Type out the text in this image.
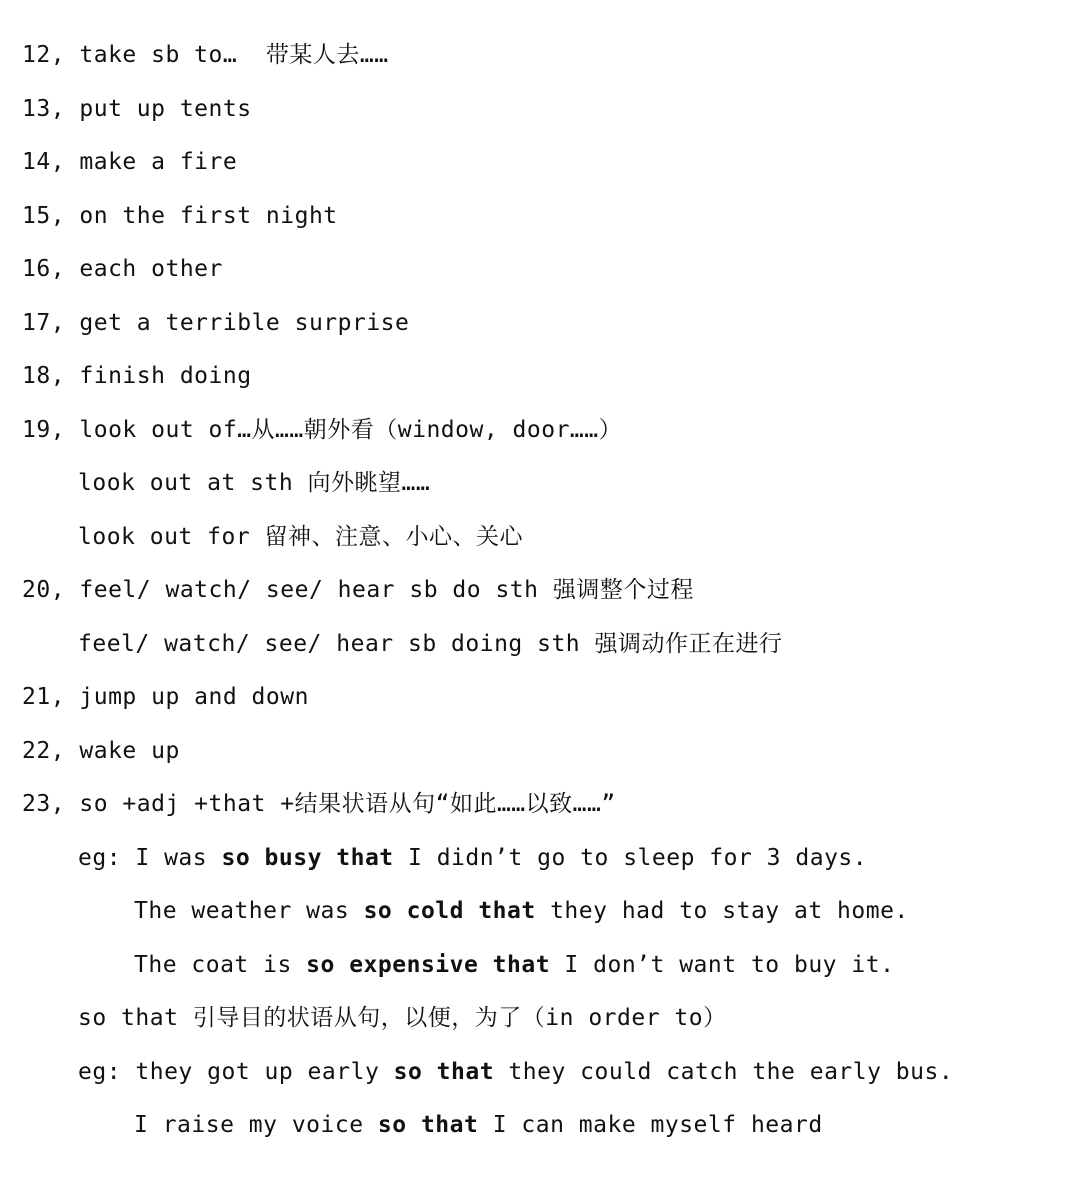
12, take sb to…  带某人去……
13, put up tents
14, make a fire
15, on the first night
16, each other
17, get a terrible surprise
18, finish doing
19, look out of…从……朝外看（window, door……）
look out at sth 向外眺望……
look out for 留神、注意、小心、关心
20, feel/ watch/ see/ hear sb do sth 强调整个过程
feel/ watch/ see/ hear sb doing sth 强调动作正在进行
21, jump up and down
22, wake up
23, so +adj +that +结果状语从句“如此……以致……”
eg: I was so busy that I didn’t go to sleep for 3 days.
The weather was so cold that they had to stay at home.
The coat is so expensive that I don’t want to buy it.
so that 引导目的状语从句，以便，为了（in order to）
eg: they got up early so that they could catch the early bus.
I raise my voice so that I can make myself heard
